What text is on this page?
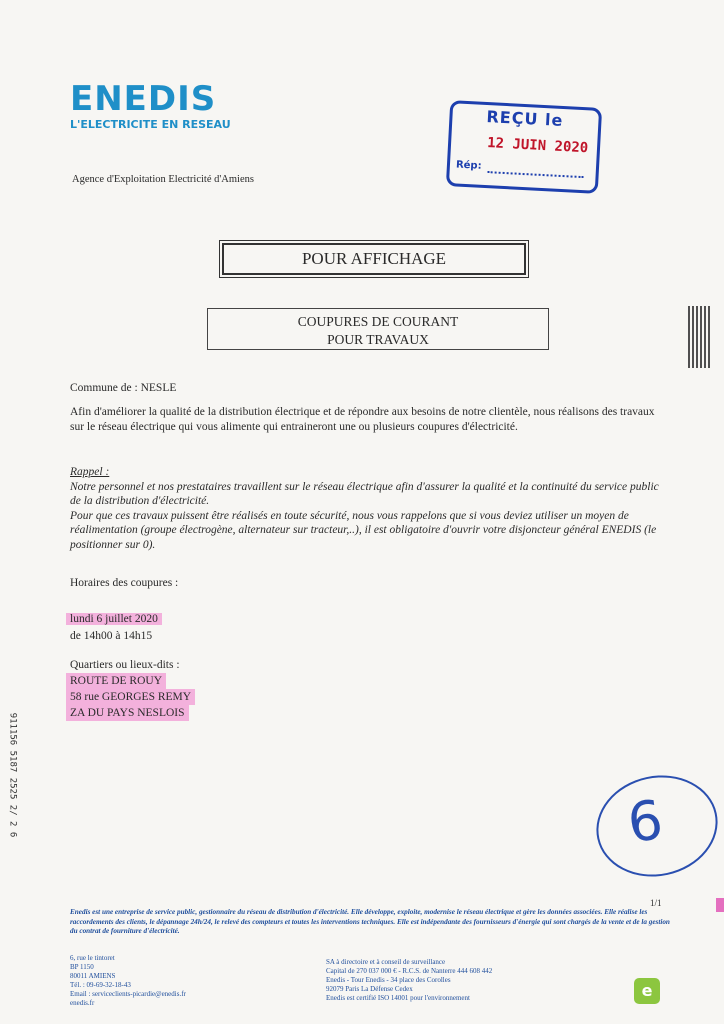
ENEDIS
L'ELECTRICITE EN RESEAU
Agence d'Exploitation Electricité d'Amiens
REÇU le
12 JUIN 2020
Rép:
POUR AFFICHAGE
COUPURES DE COURANT
POUR TRAVAUX
Commune de : NESLE
Afin d'améliorer la qualité de la distribution électrique et de répondre aux besoins de notre clientèle, nous réalisons des travaux sur le réseau électrique qui vous alimente qui entraineront une ou plusieurs coupures d'électricité.
Rappel :
Notre personnel et nos prestataires travaillent sur le réseau électrique afin d'assurer la qualité et la continuité du service public de la distribution d'électricité.
Pour que ces travaux puissent être réalisés en toute sécurité, nous vous rappelons que si vous deviez utiliser un moyen de réalimentation (groupe électrogène, alternateur sur tracteur,..), il est obligatoire d'ouvrir votre disjoncteur général ENEDIS (le positionner sur 0).
Horaires des coupures :
lundi 6 juillet 2020
de 14h00 à 14h15
Quartiers ou lieux-dits :
ROUTE DE ROUY
58 rue GEORGES REMY
ZA DU PAYS NESLOIS
6
911156 5187 2525 2/ 2 6
1/1
Enedis est une entreprise de service public, gestionnaire du réseau de distribution d'électricité. Elle développe, exploite, modernise le réseau électrique et gère les données associées. Elle réalise les raccordements des clients, le dépannage 24h/24, le relevé des compteurs et toutes les interventions techniques. Elle est indépendante des fournisseurs d'énergie qui sont chargés de la vente et de la gestion du contrat de fourniture d'électricité.
6, rue le tintoret
BP 1150
80011 AMIENS
Tél. : 09-69-32-18-43
Email : serviceclients-picardie@enedis.fr
enedis.fr
SA à directoire et à conseil de surveillance
Capital de 270 037 000 € - R.C.S. de Nanterre 444 608 442
Enedis - Tour Enedis - 34 place des Corolles
92079 Paris La Défense Cedex
Enedis est certifié ISO 14001 pour l'environnement	e
